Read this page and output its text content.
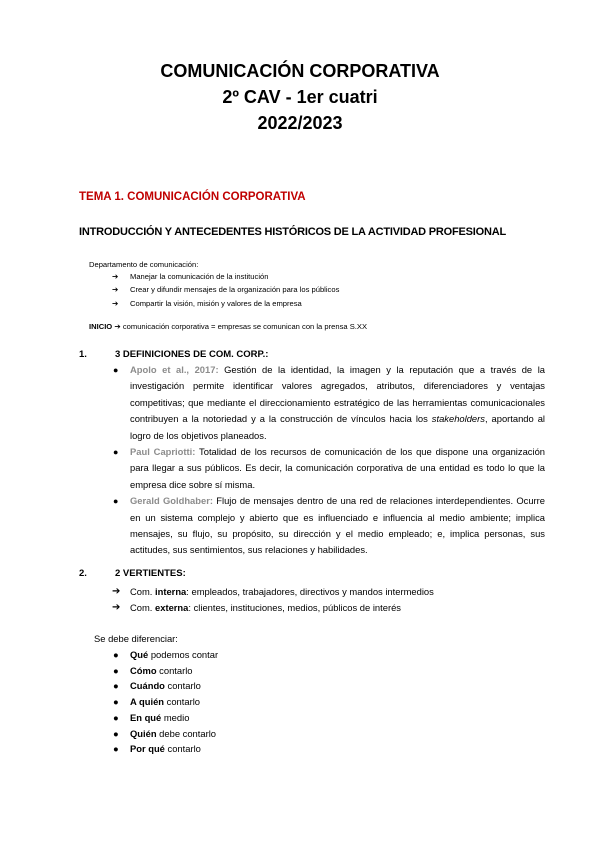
COMUNICACIÓN CORPORATIVA
2º CAV - 1er cuatri
2022/2023
TEMA 1. COMUNICACIÓN CORPORATIVA
INTRODUCCIÓN Y ANTECEDENTES HISTÓRICOS DE LA ACTIVIDAD PROFESIONAL
Departamento de comunicación:
➔ Manejar la comunicación de la institución
➔ Crear y difundir mensajes de la organización para los públicos
➔ Compartir la visión, misión y valores de la empresa
INICIO ➔ comunicación corporativa = empresas se comunican con la prensa S.XX
1.	3 DEFINICIONES DE COM. CORP.:
● Apolo et al., 2017: Gestión de la identidad, la imagen y la reputación que a través de la investigación permite identificar valores agregados, atributos, diferenciadores y ventajas competitivas; que mediante el direccionamiento estratégico de las herramientas comunicacionales contribuyen a la notoriedad y a la construcción de vínculos hacia los stakeholders, aportando al logro de los objetivos planeados.
● Paul Capriotti: Totalidad de los recursos de comunicación de los que dispone una organización para llegar a sus públicos. Es decir, la comunicación corporativa de una entidad es todo lo que la empresa dice sobre sí misma.
● Gerald Goldhaber: Flujo de mensajes dentro de una red de relaciones interdependientes. Ocurre en un sistema complejo y abierto que es influenciado e influencia al medio ambiente; implica mensajes, su flujo, su propósito, su dirección y el medio empleado; e, implica personas, sus actitudes, sus sentimientos, sus relaciones y habilidades.
2.	2 VERTIENTES:
➔ Com. interna: empleados, trabajadores, directivos y mandos intermedios
➔ Com. externa: clientes, instituciones, medios, públicos de interés
Se debe diferenciar:
● Qué podemos contar
● Cómo contarlo
● Cuándo contarlo
● A quién contarlo
● En qué medio
● Quién debe contarlo
● Por qué contarlo
